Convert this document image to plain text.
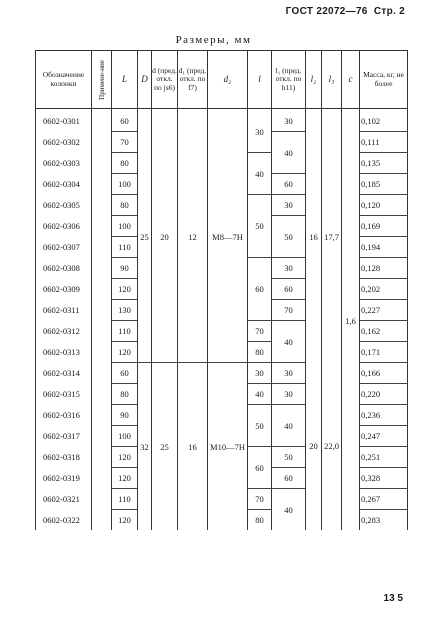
ГОСТ 22072—76 Стр. 2
Размеры, мм
Обозначение колонки	Примене-ние	L	D	d (пред. откл. по js6)	d₁ (пред. откл. по f7)	d₂	l	l₁ (пред. откл. по h11)	l₂	l₃	c	Масса, кг, не более
0602-0301		60	25	20	12	M8—7H	30	30	16	17,7	1,6	0,102
0602-0302		70						40				0,111
0602-0303		80					40					0,135
0602-0304		100						60				0,185
0602-0305		80					50	30				0,120
0602-0306		100						50				0,169
0602-0307		110										0,194
0602-0308		90					60	30				0,128
0602-0309		120						60				0,202
0602-0311		130						70				0,227
0602-0312		110					70	40				0,162
0602-0313		120					80					0,171
0602-0314		60	32	25	16	M10—7H	30	30	20	22,0		0,166
0602-0315		80					40	30				0,220
0602-0316		90					50	40				0,236
0602-0317		100										0,247
0602-0318		120					60	50				0,251
0602-0319		120						60				0,328
0602-0321		110					70	40				0,267
0602-0322		120					80					0,283
13 5
